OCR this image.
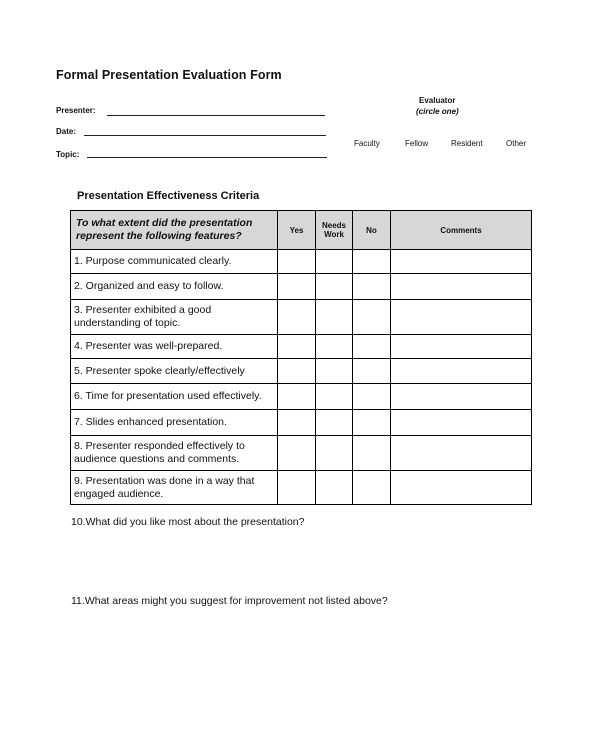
Formal Presentation Evaluation Form
Presenter:
Date:
Topic:
Evaluator
(circle one)
Faculty	Fellow	Resident	Other
Presentation Effectiveness Criteria
To what extent did the presentation represent the following features?	Yes	Needs Work	No	Comments
1. Purpose communicated clearly.				
2. Organized and easy to follow.				
3. Presenter exhibited a good understanding of topic.				
4. Presenter was well-prepared.				
5. Presenter spoke clearly/effectively				
6. Time for presentation used effectively.				
7. Slides enhanced presentation.				
8. Presenter responded effectively to audience questions and comments.				
9. Presentation was done in a way that engaged audience.				
10.What did you like most about the presentation?
11.What areas might you suggest for improvement not listed above?
